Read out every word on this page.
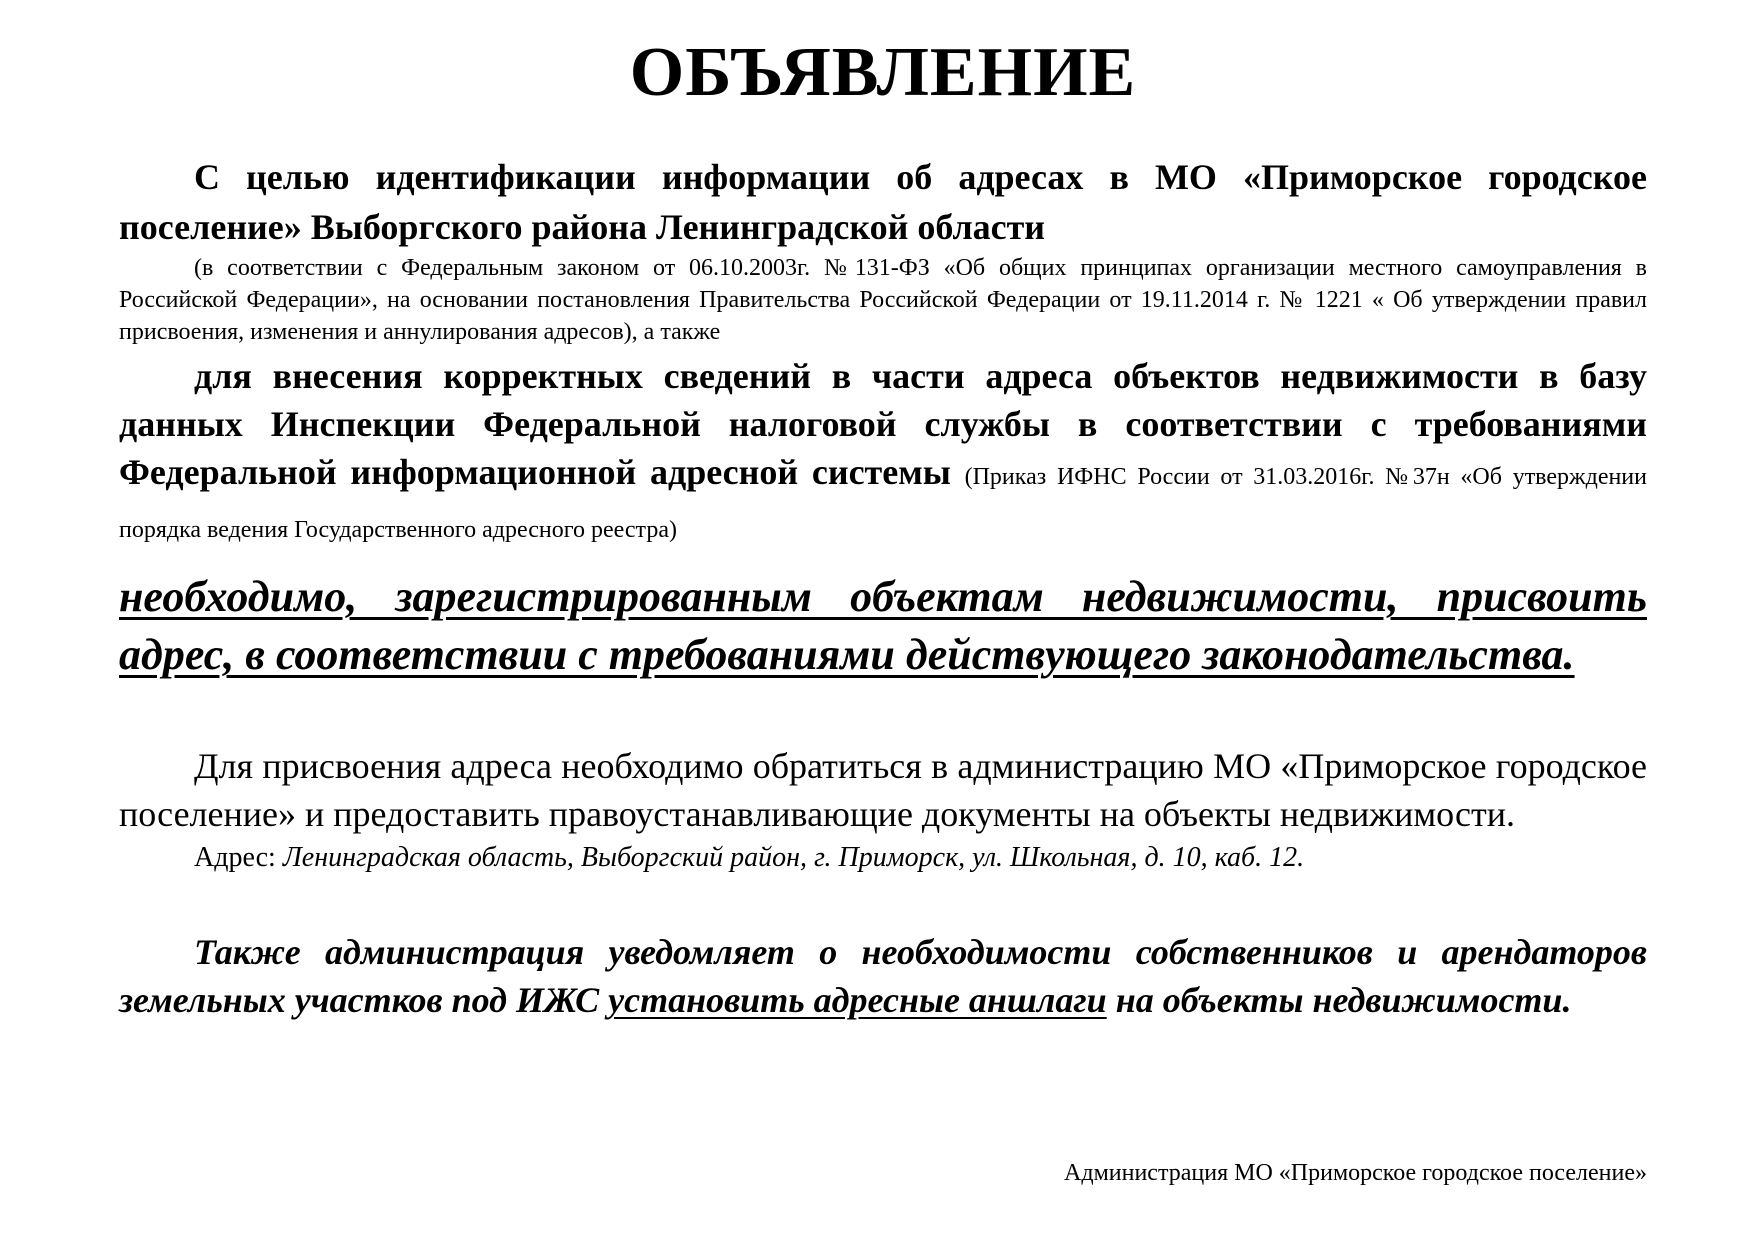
ОБЪЯВЛЕНИЕ

С целью идентификации информации об адресах в МО «Приморское городское поселение» Выборгского района Ленинградской области

(в соответствии с Федеральным законом от 06.10.2003г. №131-ФЗ «Об общих принципах организации местного самоуправления в Российской Федерации», на основании постановления Правительства Российской Федерации от 19.11.2014 г. № 1221 « Об утверждении правил присвоения, изменения и аннулирования адресов), а также

для внесения корректных сведений в части адреса объектов недвижимости в базу данных Инспекции Федеральной налоговой службы в соответствии с требованиями Федеральной информационной адресной системы (Приказ ИФНС России от 31.03.2016г. №37н «Об утверждении порядка ведения Государственного адресного реестра)

необходимо, зарегистрированным объектам недвижимости, присвоить адрес, в соответствии с требованиями действующего законодательства.

Для присвоения адреса необходимо обратиться в администрацию МО «Приморское городское поселение» и предоставить правоустанавливающие документы на объекты недвижимости.

Адрес: Ленинградская область, Выборгский район, г. Приморск, ул. Школьная, д. 10, каб. 12.

Также администрация уведомляет о необходимости собственников и арендаторов земельных участков под ИЖС установить адресные аншлаги на объекты недвижимости.

Администрация МО «Приморское городское поселение»
